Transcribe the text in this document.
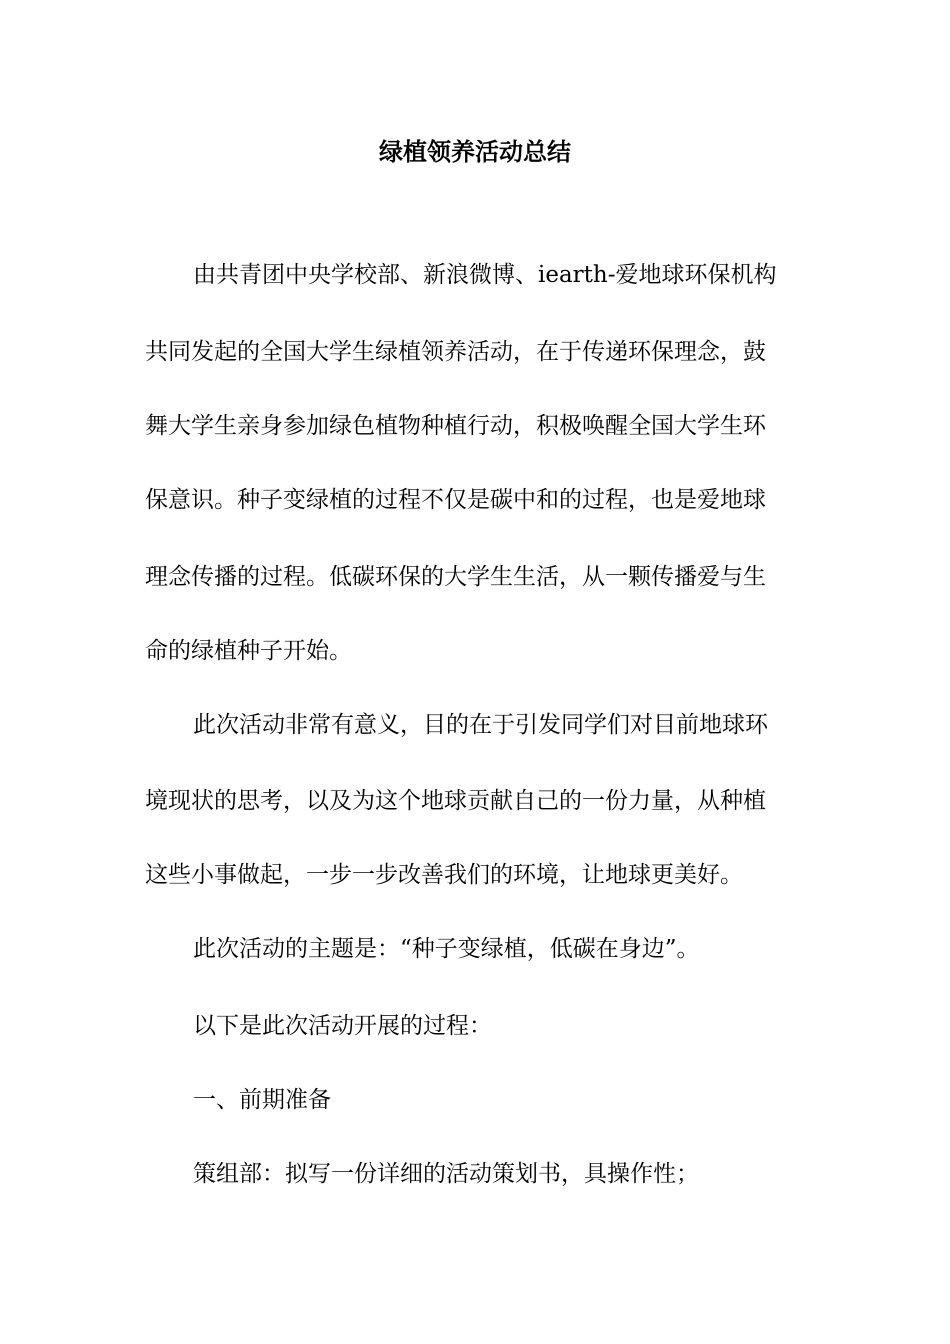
绿植领养活动总结
由共青团中央学校部、新浪微博、iearth-爱地球环保机构
共同发起的全国大学生绿植领养活动，在于传递环保理念，鼓
舞大学生亲身参加绿色植物种植行动，积极唤醒全国大学生环
保意识。种子变绿植的过程不仅是碳中和的过程，也是爱地球
理念传播的过程。低碳环保的大学生生活，从一颗传播爱与生
命的绿植种子开始。
此次活动非常有意义，目的在于引发同学们对目前地球环
境现状的思考，以及为这个地球贡献自己的一份力量，从种植
这些小事做起，一步一步改善我们的环境，让地球更美好。
此次活动的主题是：“种子变绿植，低碳在身边”。
以下是此次活动开展的过程：
一、前期准备
策组部：拟写一份详细的活动策划书，具操作性；
